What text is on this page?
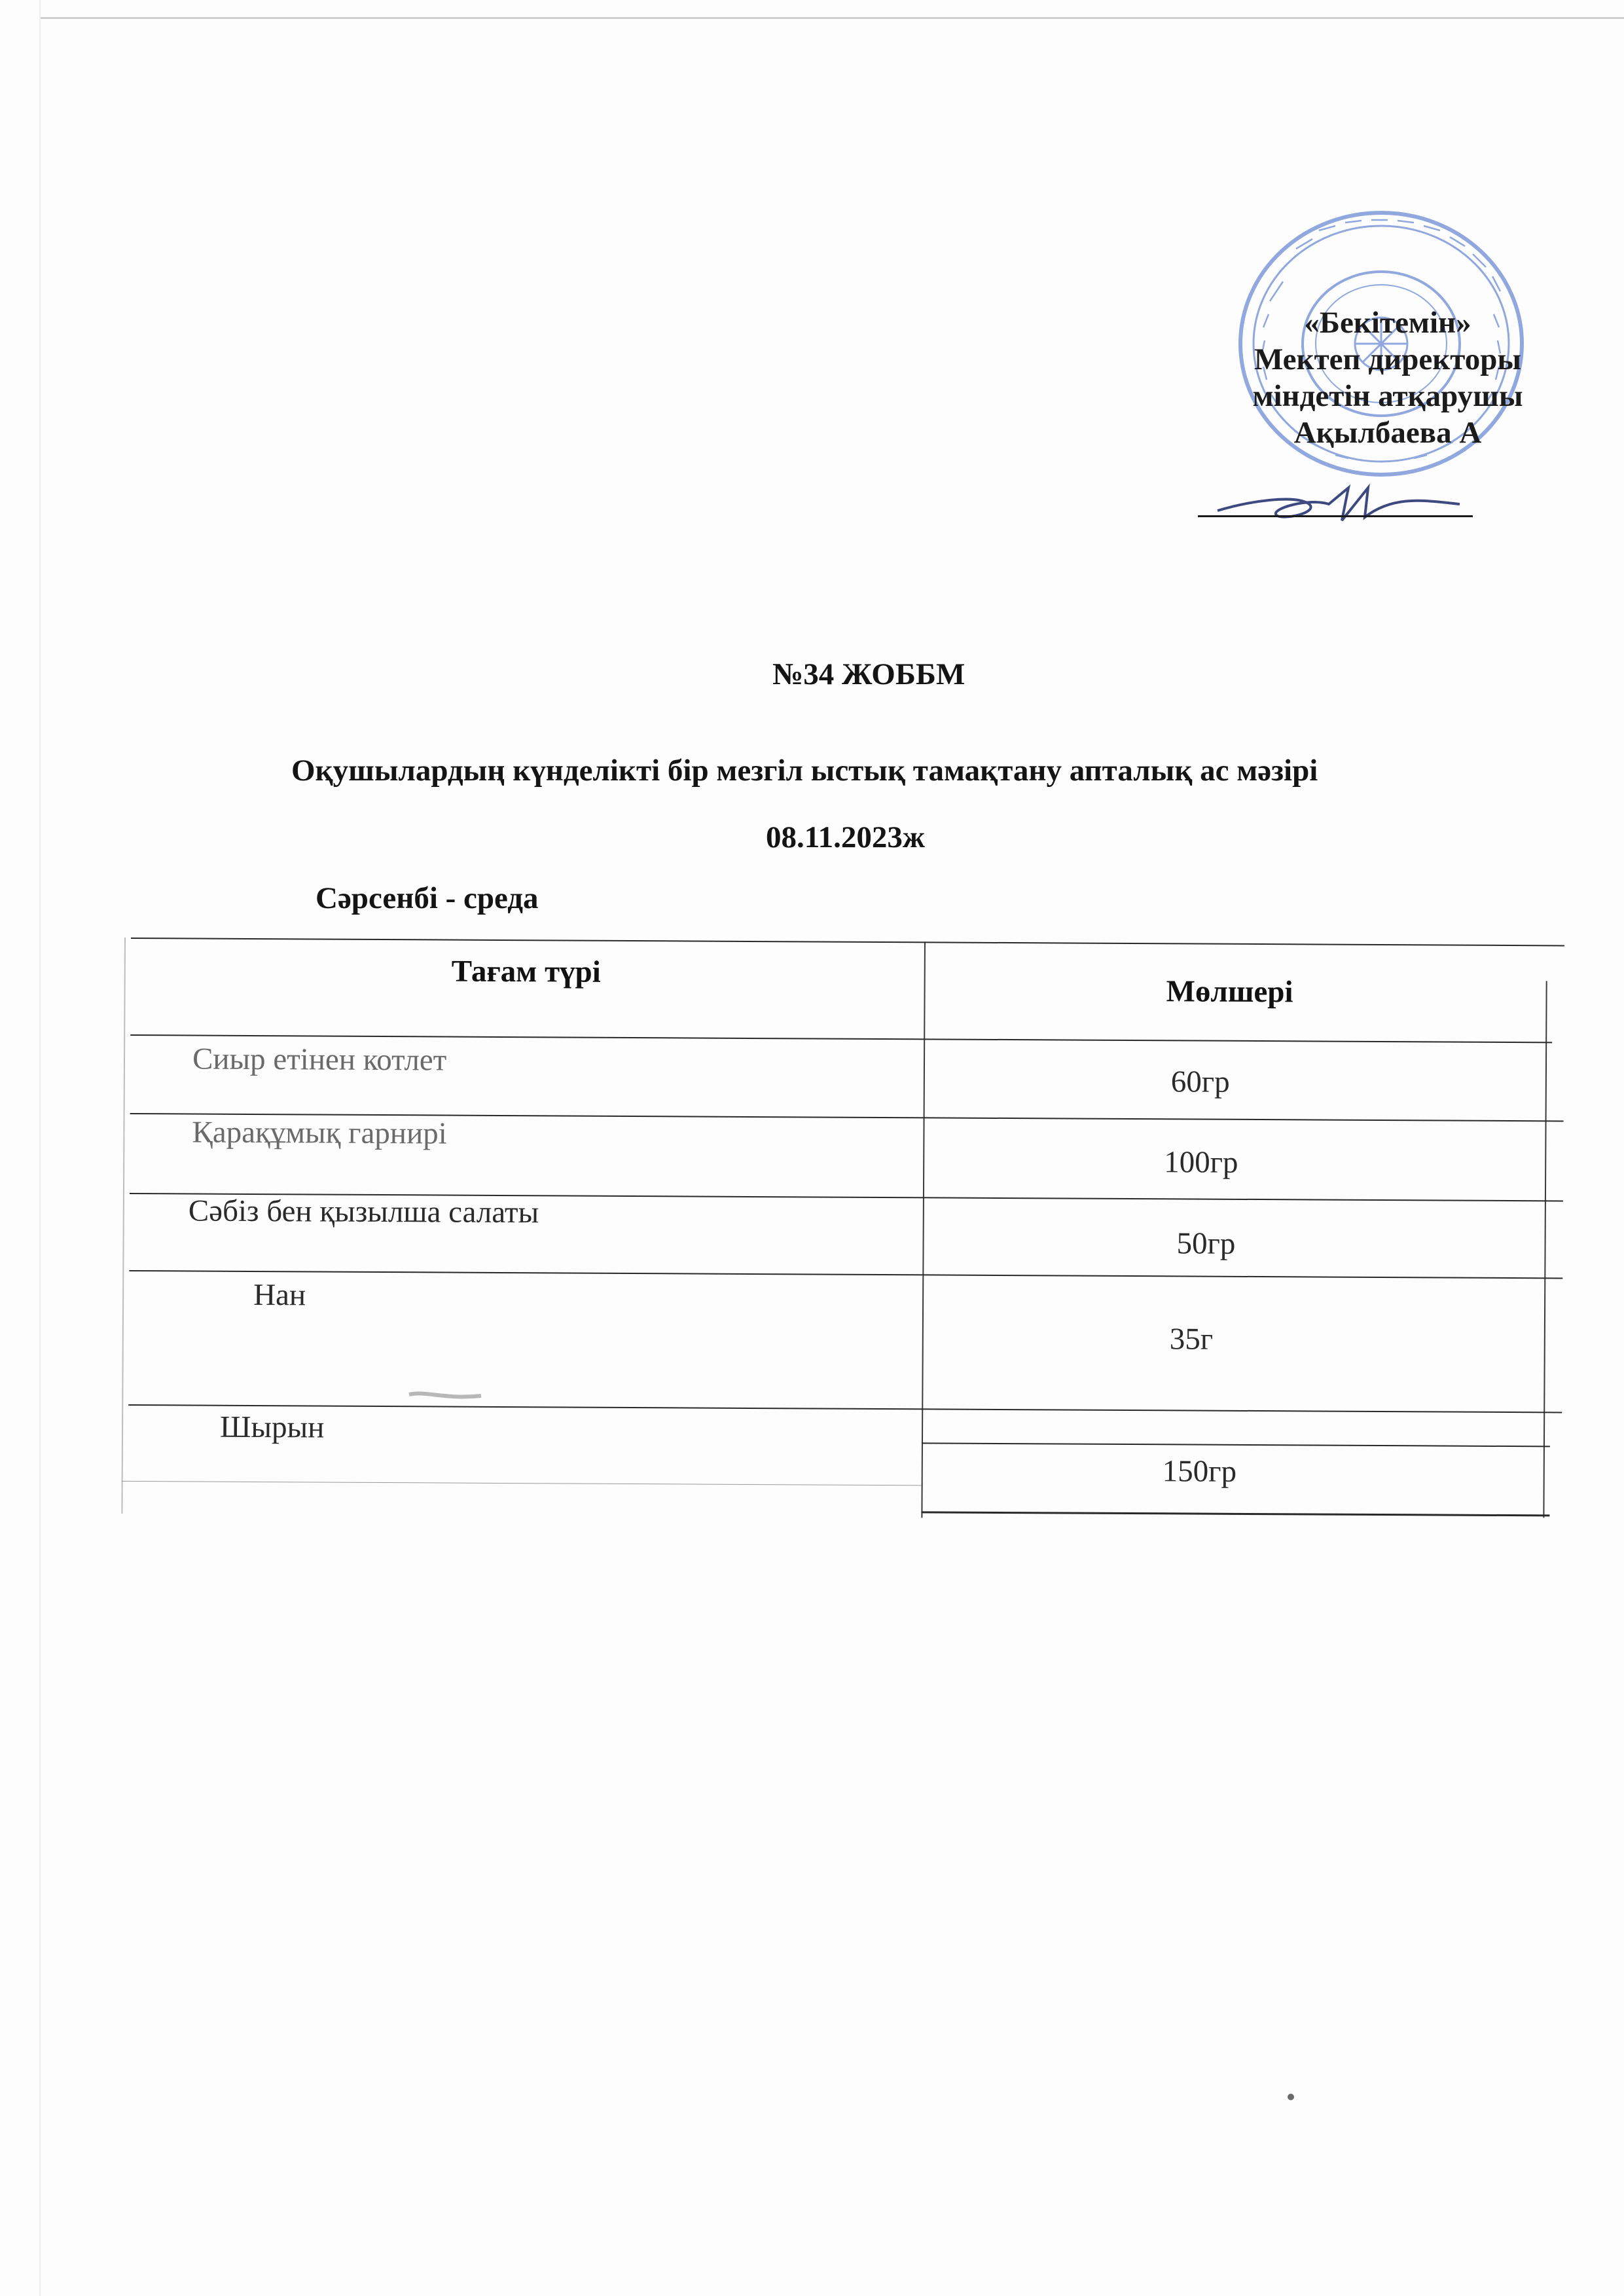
«Бекітемін»
Мектеп директоры
міндетін атқарушы
Ақылбаева А
№34 ЖОББМ
Оқушылардың күнделікті бір мезгіл ыстық тамақтану апталық ас мәзірі
08.11.2023ж
Сәрсенбі - среда
Тағам түрі
Мөлшері
Сиыр етінен котлет
60гр
Қарақұмық гарнирі
100гр
Сәбіз бен қызылша салаты
50гр
Нан
35г
Шырын
150гр
